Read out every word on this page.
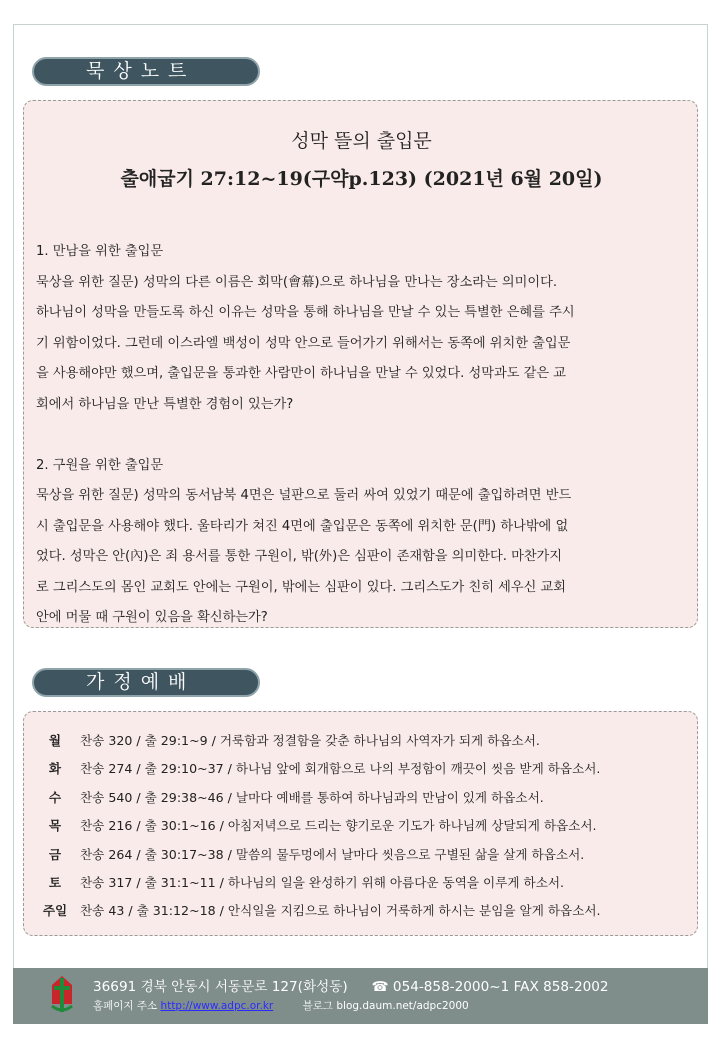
묵상노트
성막 뜰의 출입문
출애굽기 27:12~19(구약p.123) (2021년 6월 20일)

1. 만남을 위한 출입문

묵상을 위한 질문) 성막의 다른 이름은 회막(會幕)으로 하나님을 만나는 장소라는 의미이다.

하나님이 성막을 만들도록 하신 이유는 성막을 통해 하나님을 만날 수 있는 특별한 은혜를 주시

기 위함이었다. 그런데 이스라엘 백성이 성막 안으로 들어가기 위해서는 동쪽에 위치한 출입문

을 사용해야만 했으며, 출입문을 통과한 사람만이 하나님을 만날 수 있었다. 성막과도 같은 교

회에서 하나님을 만난 특별한 경험이 있는가?

2. 구원을 위한 출입문

묵상을 위한 질문) 성막의 동서남북 4면은 널판으로 둘러 싸여 있었기 때문에 출입하려면 반드

시 출입문을 사용해야 했다. 울타리가 쳐진 4면에 출입문은 동쪽에 위치한 문(門) 하나밖에 없

었다. 성막은 안(內)은 죄 용서를 통한 구원이, 밖(外)은 심판이 존재함을 의미한다. 마찬가지

로 그리스도의 몸인 교회도 안에는 구원이, 밖에는 심판이 있다. 그리스도가 친히 세우신 교회

안에 머물 때 구원이 있음을 확신하는가?

가정예배
월	찬송 320 / 출 29:1~9 / 거룩함과 정결함을 갖춘 하나님의 사역자가 되게 하옵소서.
화	찬송 274 / 출 29:10~37 / 하나님 앞에 회개함으로 나의 부정함이 깨끗이 씻음 받게 하옵소서.
수	찬송 540 / 출 29:38~46 / 날마다 예배를 통하여 하나님과의 만남이 있게 하옵소서.
목	찬송 216 / 출 30:1~16 / 아침저녁으로 드리는 향기로운 기도가 하나님께 상달되게 하옵소서.
금	찬송 264 / 출 30:17~38 / 말씀의 물두멍에서 날마다 씻음으로 구별된 삶을 살게 하옵소서.
토	찬송 317 / 출 31:1~11 / 하나님의 일을 완성하기 위해 아름다운 동역을 이루게 하소서.
주일	찬송 43 / 출 31:12~18 / 안식일을 지킴으로 하나님이 거룩하게 하시는 분임을 알게 하옵소서.
36691 경북 안동시 서동문로 127(화성동) ☎ 054-858-2000~1 FAX 858-2002
홈페이지 주소 http://www.adpc.or.kr	블로그 blog.daum.net/adpc2000
